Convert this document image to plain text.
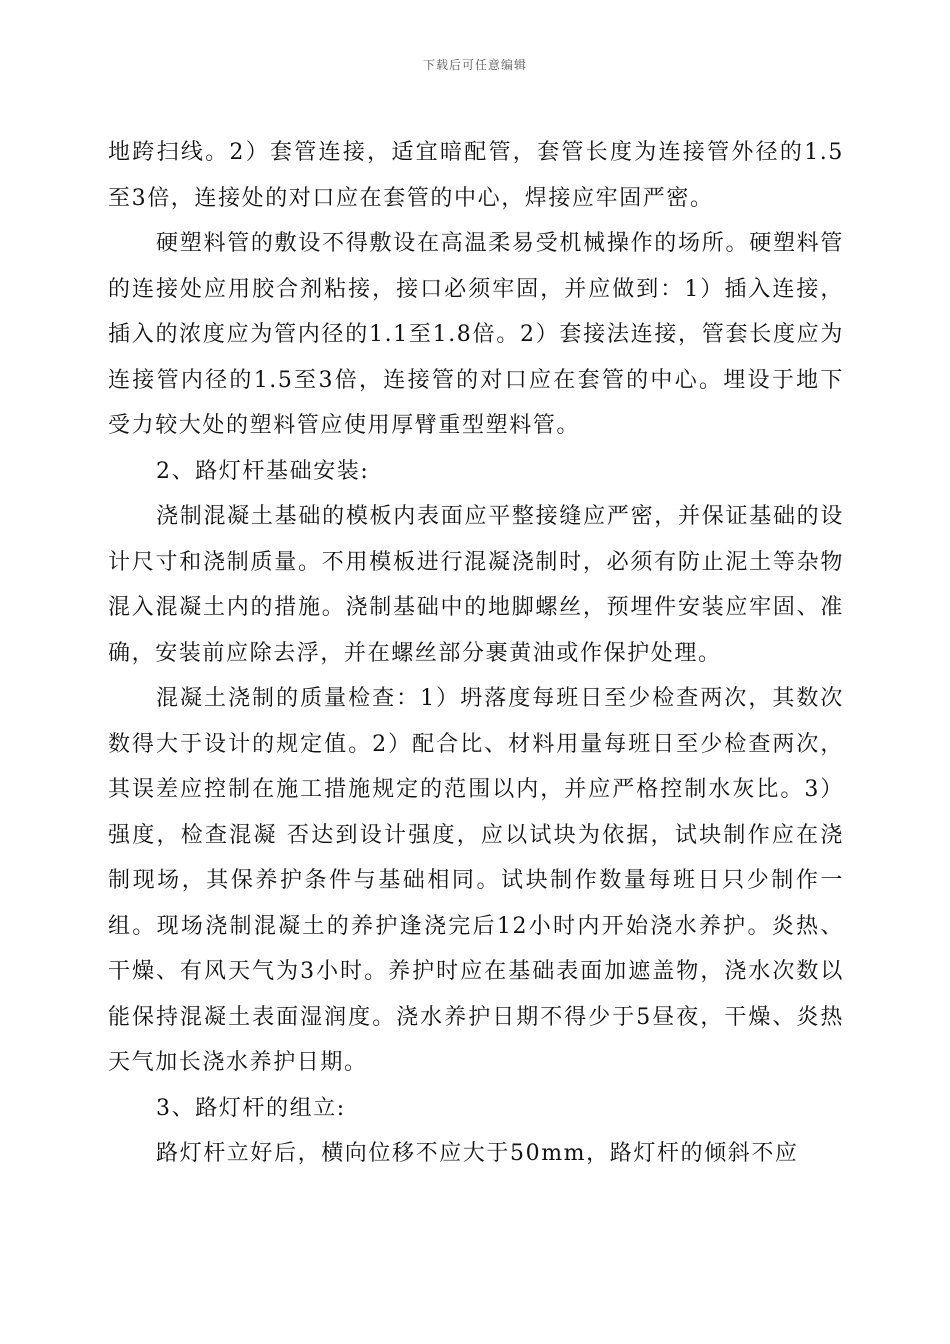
下载后可任意编辑

地跨扫线。2）套管连接，适宜暗配管，套管长度为连接管外径的1.5至3倍，连接处的对口应在套管的中心，焊接应牢固严密。

硬塑料管的敷设不得敷设在高温柔易受机械操作的场所。硬塑料管的连接处应用胶合剂粘接，接口必须牢固，并应做到：1）插入连接，插入的浓度应为管内径的1.1至1.8倍。2）套接法连接，管套长度应为连接管内径的1.5至3倍，连接管的对口应在套管的中心。埋设于地下受力较大处的塑料管应使用厚臂重型塑料管。

2、路灯杆基础安装:

浇制混凝土基础的模板内表面应平整接缝应严密，并保证基础的设计尺寸和浇制质量。不用模板进行混凝浇制时，必须有防止泥土等杂物混入混凝土内的措施。浇制基础中的地脚螺丝，预埋件安装应牢固、准确，安装前应除去浮，并在螺丝部分裹黄油或作保护处理。

混凝土浇制的质量检查：1）坍落度每班日至少检查两次，其数次数得大于设计的规定值。2）配合比、材料用量每班日至少检查两次，其误差应控制在施工措施规定的范围以内，并应严格控制水灰比。3）强度，检查混凝 否达到设计强度，应以试块为依据，试块制作应在浇制现场，其保养护条件与基础相同。试块制作数量每班日只少制作一组。现场浇制混凝土的养护逢浇完后12小时内开始浇水养护。炎热、干燥、有风天气为3小时。养护时应在基础表面加遮盖物，浇水次数以能保持混凝土表面湿润度。浇水养护日期不得少于5昼夜，干燥、炎热天气加长浇水养护日期。

3、路灯杆的组立:

路灯杆立好后，横向位移不应大于50mm，路灯杆的倾斜不应
